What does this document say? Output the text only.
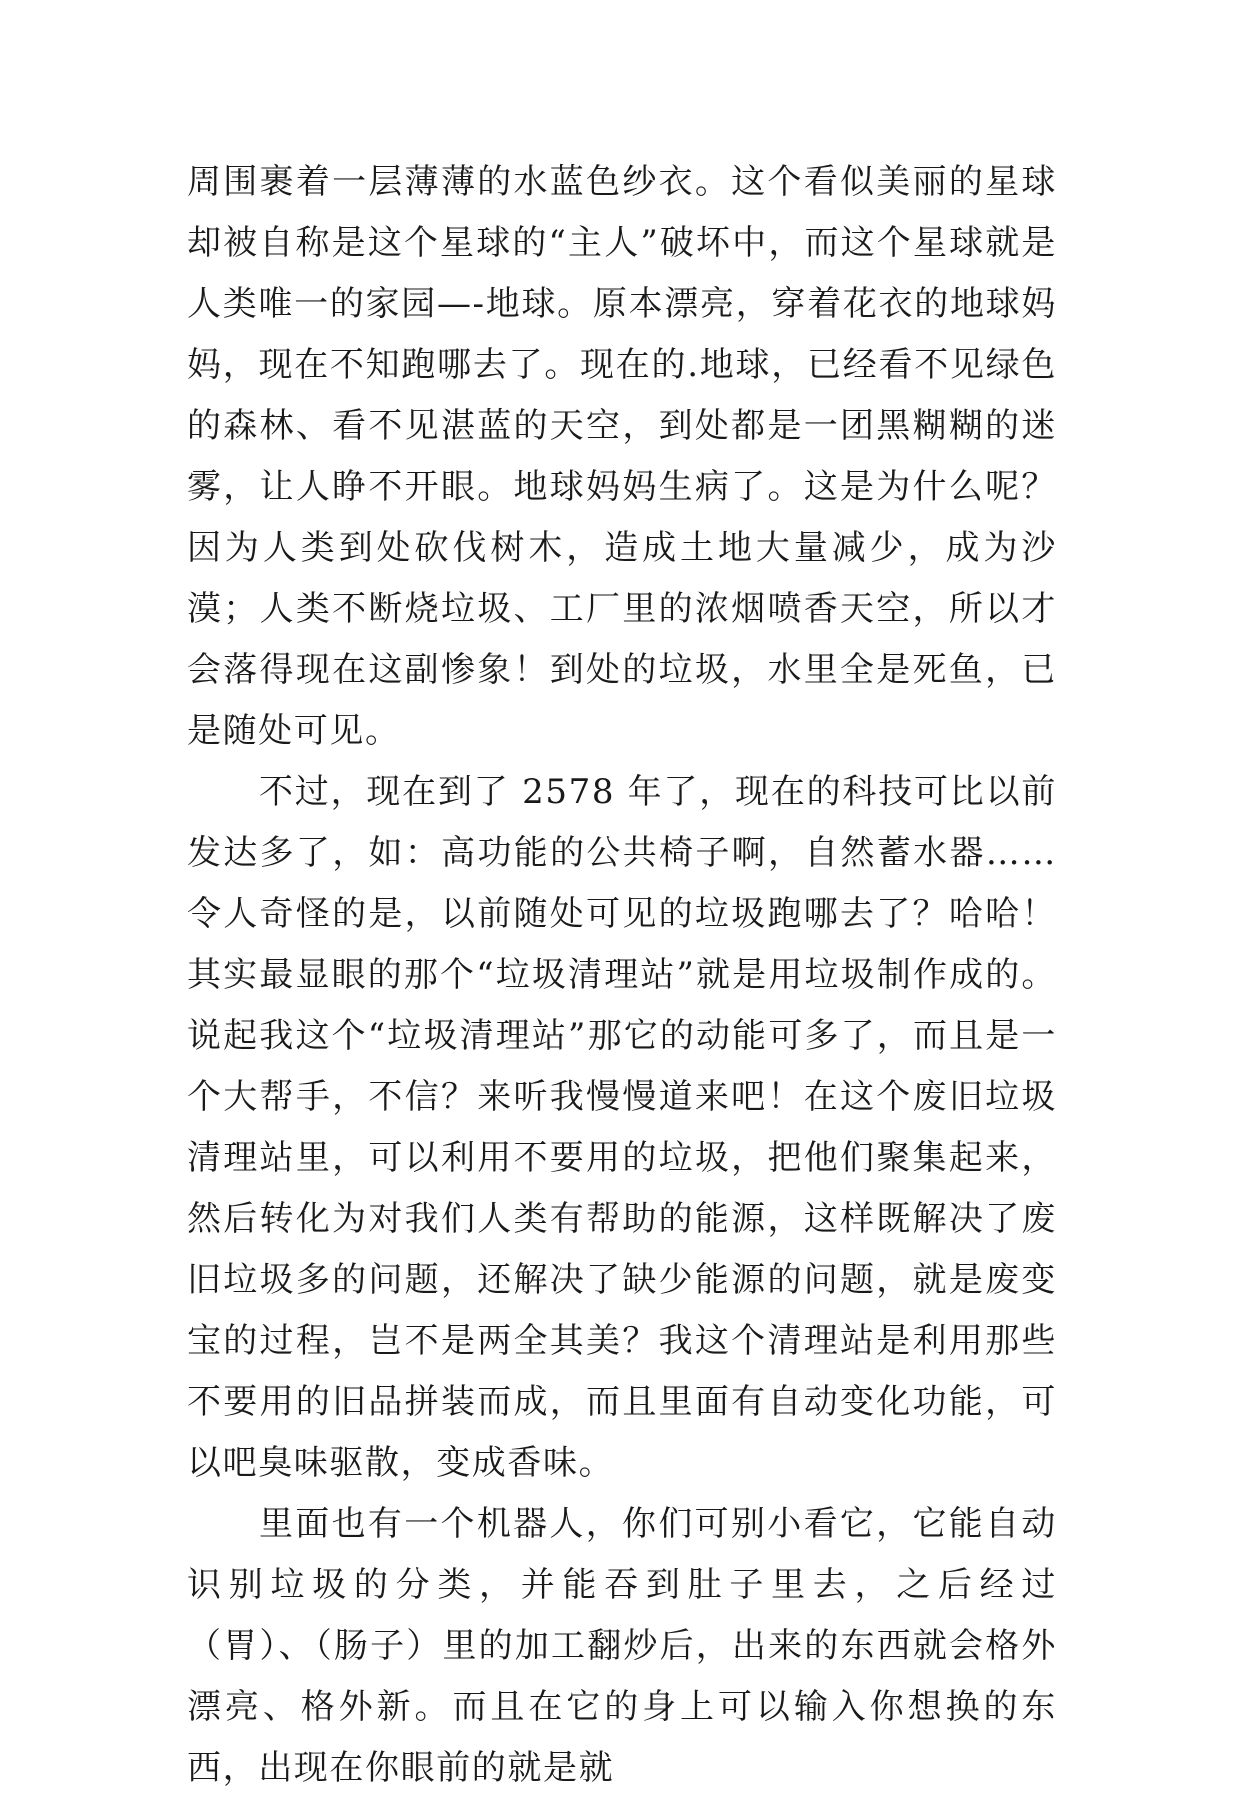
周围裹着一层薄薄的水蓝色纱衣。这个看似美丽的星球却被自称是这个星球的“主人”破坏中，而这个星球就是人类唯一的家园—-地球。原本漂亮，穿着花衣的地球妈妈，现在不知跑哪去了。现在的.地球，已经看不见绿色的森林、看不见湛蓝的天空，到处都是一团黑糊糊的迷雾，让人睁不开眼。地球妈妈生病了。这是为什么呢？因为人类到处砍伐树木，造成土地大量减少，成为沙漠；人类不断烧垃圾、工厂里的浓烟喷香天空，所以才会落得现在这副惨象！到处的垃圾，水里全是死鱼，已是随处可见。

不过，现在到了 2578 年了，现在的科技可比以前发达多了，如：高功能的公共椅子啊，自然蓄水器……令人奇怪的是，以前随处可见的垃圾跑哪去了？哈哈！其实最显眼的那个“垃圾清理站”就是用垃圾制作成的。说起我这个“垃圾清理站”那它的动能可多了，而且是一个大帮手，不信？来听我慢慢道来吧！在这个废旧垃圾清理站里，可以利用不要用的垃圾，把他们聚集起来，然后转化为对我们人类有帮助的能源，这样既解决了废旧垃圾多的问题，还解决了缺少能源的问题，就是废变宝的过程，岂不是两全其美？我这个清理站是利用那些不要用的旧品拼装而成，而且里面有自动变化功能，可以吧臭味驱散，变成香味。

里面也有一个机器人，你们可别小看它，它能自动识别垃圾的分类，并能吞到肚子里去，之后经过（胃）、（肠子）里的加工翻炒后，出来的东西就会格外漂亮、格外新。而且在它的身上可以输入你想换的东西，出现在你眼前的就是就
